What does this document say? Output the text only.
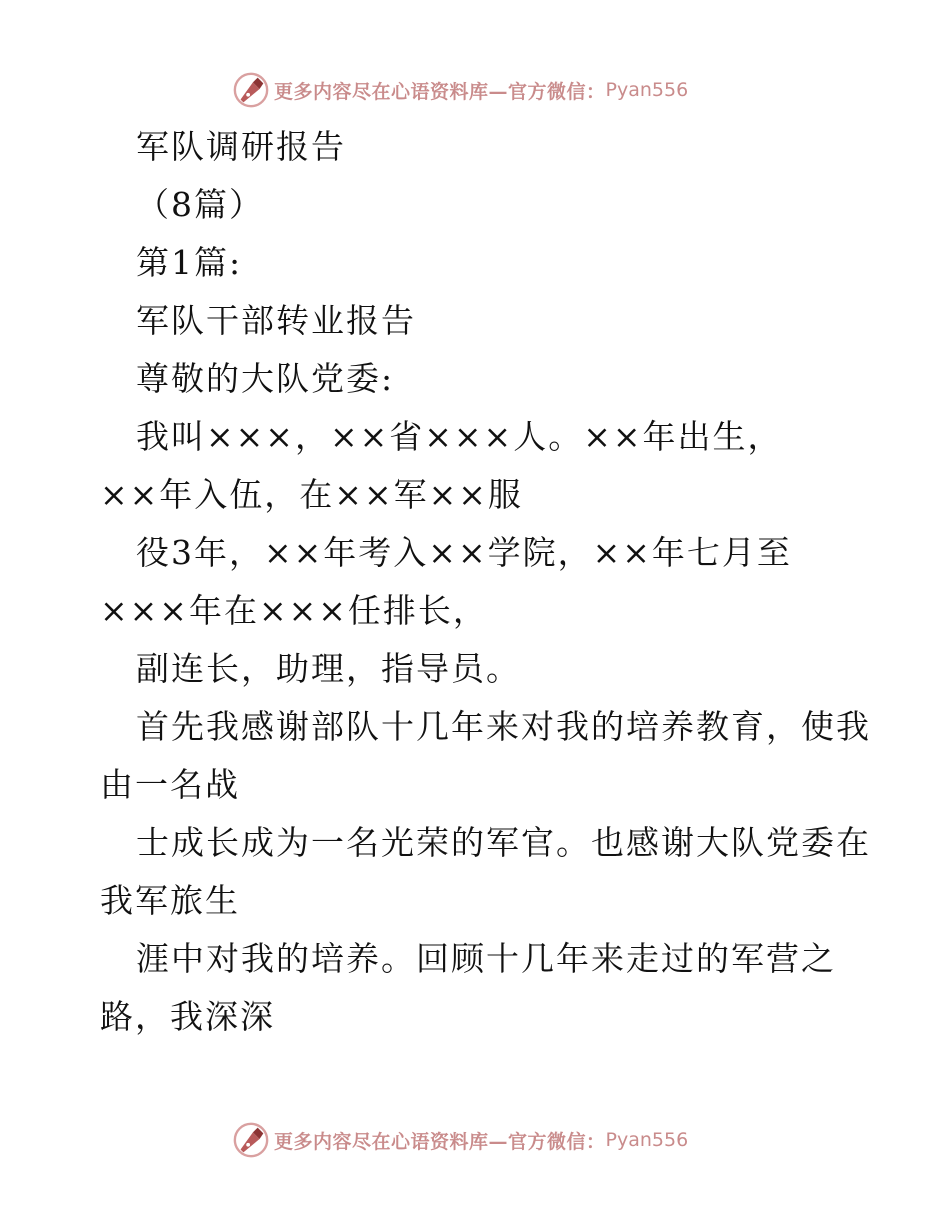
更多内容尽在心语资料库—官方微信： Pyan556
军队调研报告
（8篇）
第1篇:
军队干部转业报告
尊敬的大队党委:
我叫×××，××省×××人。××年出生，
××年入伍，在××军××服
役3年，××年考入××学院，××年七月至
×××年在×××任排长，
副连长，助理，指导员。
首先我感谢部队十几年来对我的培养教育，使我
由一名战
士成长成为一名光荣的军官。也感谢大队党委在
我军旅生
涯中对我的培养。回顾十几年来走过的军营之
路，我深深
更多内容尽在心语资料库—官方微信： Pyan556
